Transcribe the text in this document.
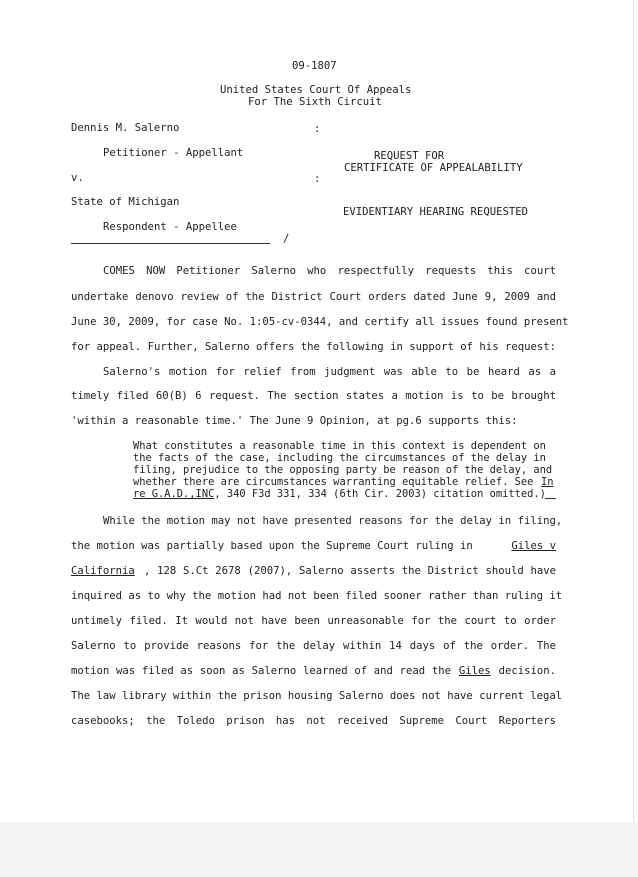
09-1807
United States Court Of Appeals
For The Sixth Circuit
Dennis M. Salerno	:
Petitioner - Appellant	REQUEST FOR
CERTIFICATE OF APPEALABILITY
v.	:
State of Michigan
EVIDENTIARY HEARING REQUESTED
Respondent - Appellee
/
COMES NOW Petitioner Salerno who respectfully requests this court
undertake denovo review of the District Court orders dated June 9, 2009 and
June 30, 2009, for case No. 1:05-cv-0344, and certify all issues found present
for appeal. Further, Salerno offers the following in support of his request:
Salerno's motion for relief from judgment was able to be heard as a
timely filed 60(B) 6 request. The section states a motion is to be brought
'within a reasonable time.' The June 9 Opinion, at pg.6 supports this:
What constitutes a reasonable time in this context is dependent on
the facts of the case, including the circumstances of the delay in
filing, prejudice to the opposing party be reason of the delay, and
whether there are circumstances warranting equitable relief. See In
re G.A.D.,INC, 340 F3d 331, 334 (6th Cir. 2003) citation omitted.)
While the motion may not have presented reasons for the delay in filing,
the motion was partially based upon the Supreme Court ruling in	Giles v
California , 128 S.Ct 2678 (2007), Salerno asserts the District should have
inquired as to why the motion had not been filed sooner rather than ruling it
untimely filed. It would not have been unreasonable for the court to order
Salerno to provide reasons for the delay within 14 days of the order. The
motion was filed as soon as Salerno learned of and read the Giles decision.
The law library within the prison housing Salerno does not have current legal
casebooks; the Toledo prison has not received Supreme Court Reporters
